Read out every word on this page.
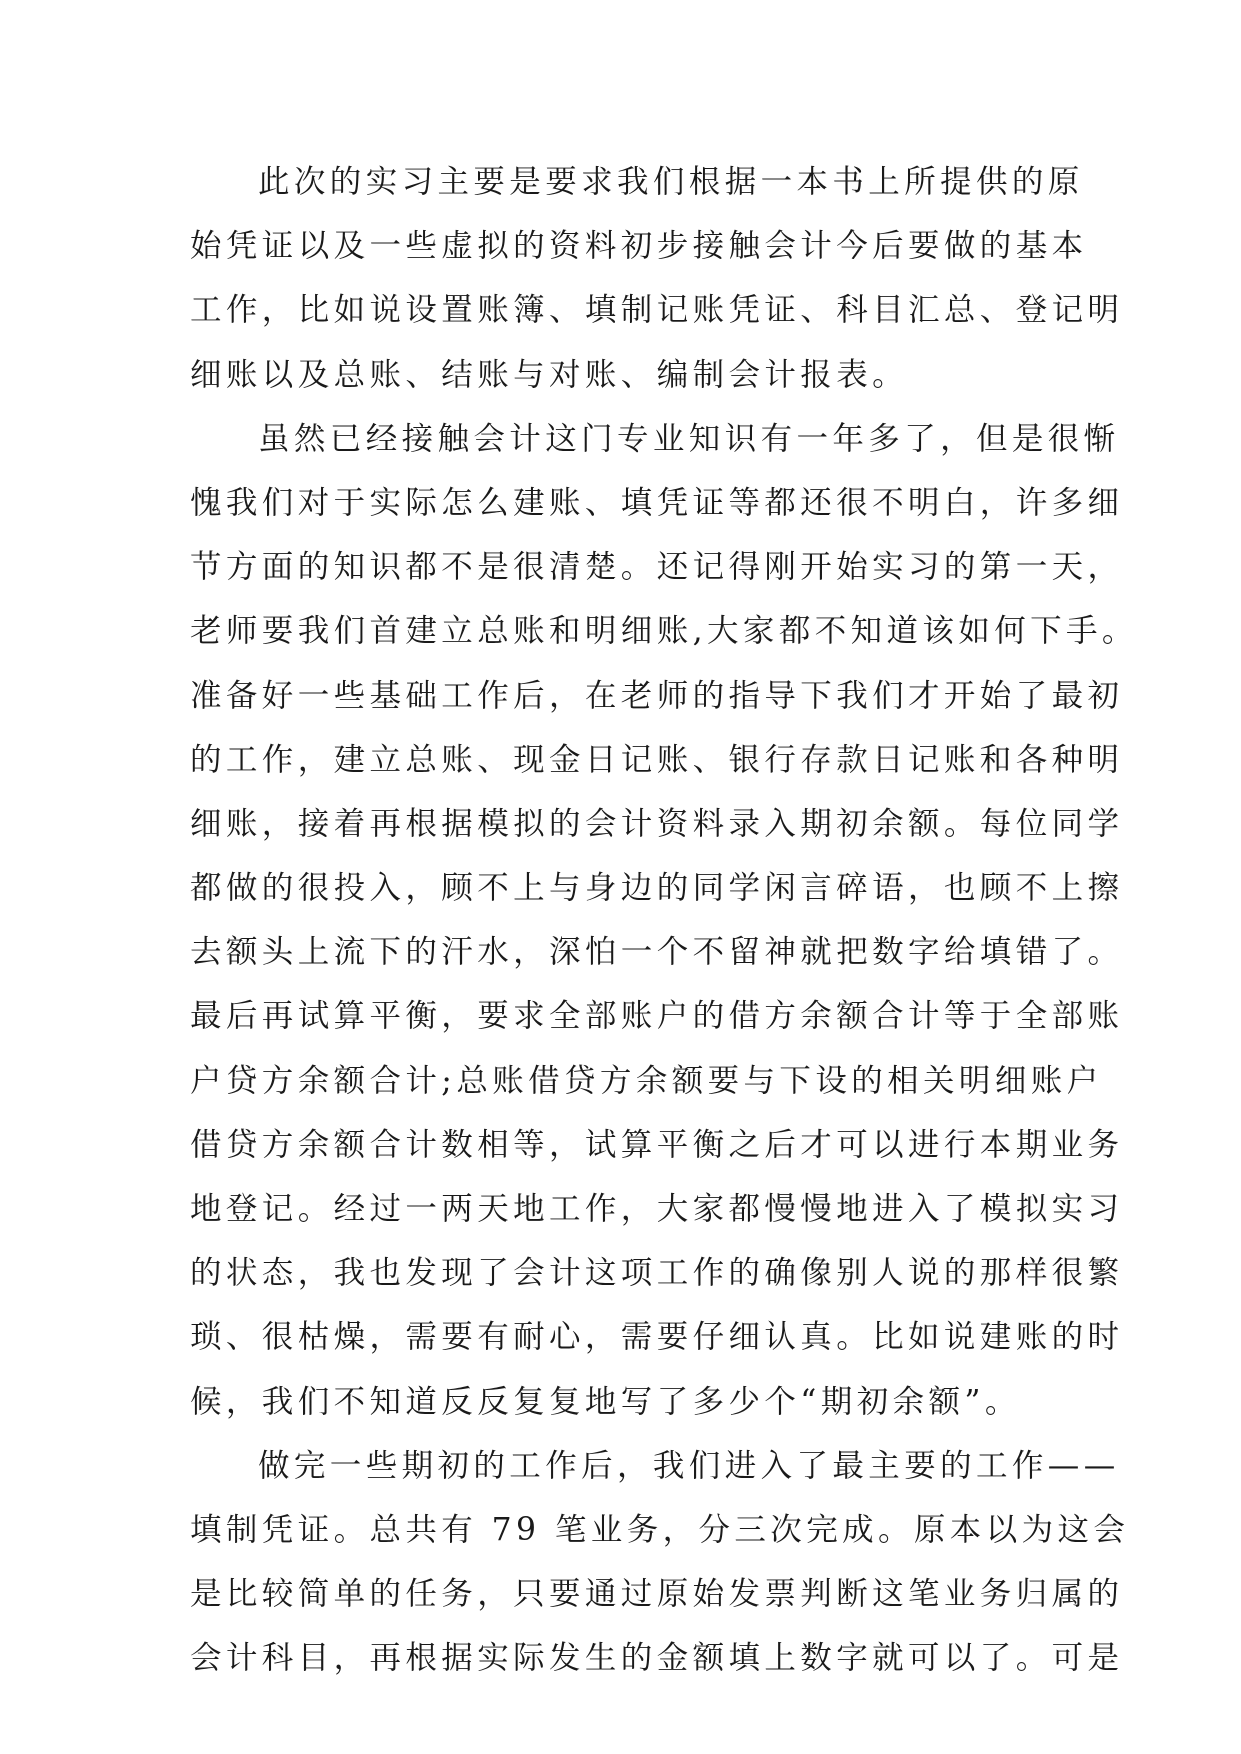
此次的实习主要是要求我们根据一本书上所提供的原
始凭证以及一些虚拟的资料初步接触会计今后要做的基本
工作，比如说设置账簿、填制记账凭证、科目汇总、登记明
细账以及总账、结账与对账、编制会计报表。

虽然已经接触会计这门专业知识有一年多了，但是很惭
愧我们对于实际怎么建账、填凭证等都还很不明白，许多细
节方面的知识都不是很清楚。还记得刚开始实习的第一天，
老师要我们首建立总账和明细账,大家都不知道该如何下手。
准备好一些基础工作后，在老师的指导下我们才开始了最初
的工作，建立总账、现金日记账、银行存款日记账和各种明
细账，接着再根据模拟的会计资料录入期初余额。每位同学
都做的很投入，顾不上与身边的同学闲言碎语，也顾不上擦
去额头上流下的汗水，深怕一个不留神就把数字给填错了。
最后再试算平衡，要求全部账户的借方余额合计等于全部账
户贷方余额合计;总账借贷方余额要与下设的相关明细账户
借贷方余额合计数相等，试算平衡之后才可以进行本期业务
地登记。经过一两天地工作，大家都慢慢地进入了模拟实习
的状态，我也发现了会计这项工作的确像别人说的那样很繁
琐、很枯燥，需要有耐心，需要仔细认真。比如说建账的时
候，我们不知道反反复复地写了多少个“期初余额”。

做完一些期初的工作后，我们进入了最主要的工作——
填制凭证。总共有 79 笔业务，分三次完成。原本以为这会
是比较简单的任务，只要通过原始发票判断这笔业务归属的
会计科目，再根据实际发生的金额填上数字就可以了。可是
